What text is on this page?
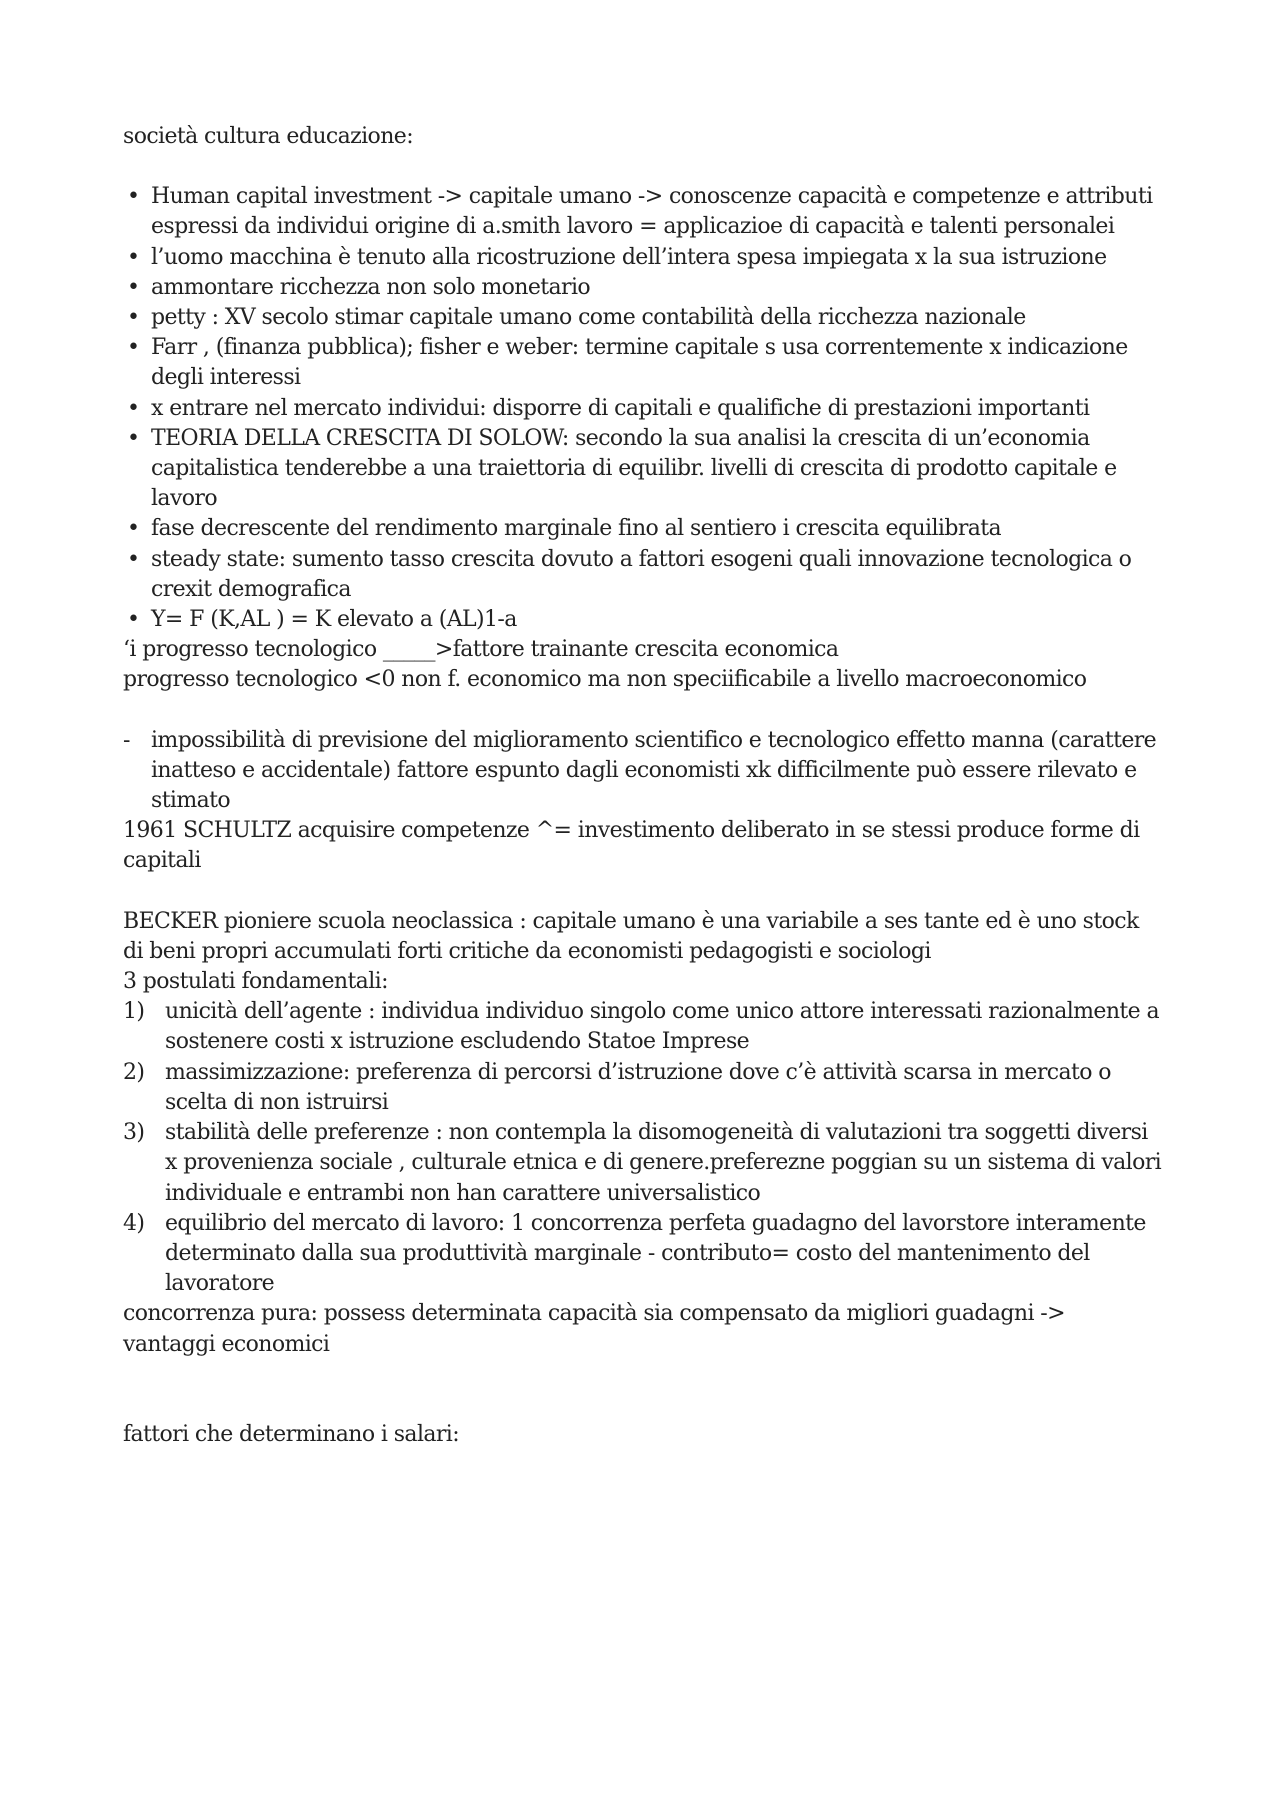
società cultura educazione:

• Human capital investment -> capitale umano -> conoscenze capacità e competenze e attributi espressi da individui origine di a.smith lavoro = applicazioe di capacità e talenti personalei
• l’uomo macchina è tenuto alla ricostruzione dell’intera spesa impiegata x la sua istruzione
• ammontare ricchezza non solo monetario
• petty : XV secolo stimar capitale umano come contabilità della ricchezza nazionale
• Farr , (finanza pubblica); fisher e weber: termine capitale s usa correntemente x indicazione degli interessi
• x entrare nel mercato individui: disporre di capitali e qualifiche di prestazioni importanti
• TEORIA DELLA CRESCITA DI SOLOW: secondo la sua analisi la crescita di un’economia capitalistica tenderebbe a una traiettoria di equilibr. livelli di crescita di prodotto capitale e lavoro
• fase decrescente del rendimento marginale fino al sentiero i crescita equilibrata
• steady state: sumento tasso crescita dovuto a fattori esogeni quali innovazione tecnologica o crexit demografica
• Y= F (K,AL ) = K elevato a (AL)1-a

‘i progresso tecnologico _____>fattore trainante crescita economica

progresso tecnologico <0 non f. economico ma non speciificabile a livello macroeconomico

- impossibilità di previsione del miglioramento scientifico e tecnologico effetto manna (carattere inatteso e accidentale) fattore espunto dagli economisti xk difficilmente può essere rilevato e stimato

1961 SCHULTZ acquisire competenze ^= investimento deliberato in se stessi produce forme di capitali

BECKER pioniere scuola neoclassica : capitale umano è una variabile a ses tante ed è uno stock di beni propri accumulati forti critiche da economisti pedagogisti e sociologi

3 postulati fondamentali:

1) unicità dell’agente : individua individuo singolo come unico attore interessati razionalmente a sostenere costi x istruzione escludendo Statoe Imprese
2) massimizzazione: preferenza di percorsi d’istruzione dove c’è attività scarsa in mercato o scelta di non istruirsi
3) stabilità delle preferenze : non contempla la disomogeneità di valutazioni tra soggetti diversi x provenienza sociale , culturale etnica e di genere.preferezne poggian su un sistema di valori individuale e entrambi non han carattere universalistico
4) equilibrio del mercato di lavoro: 1 concorrenza perfeta guadagno del lavorstore interamente determinato dalla sua produttività marginale - contributo= costo del mantenimento del lavoratore

concorrenza pura: possess determinata capacità sia compensato da migliori guadagni -> vantaggi economici

fattori che determinano i salari:
